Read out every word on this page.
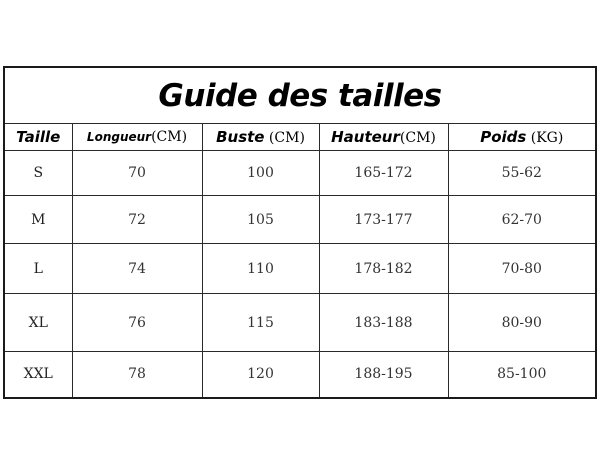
Guide des tailles				
Taille	Longueur(CM)	Buste (CM)	Hauteur(CM)	Poids (KG)
S	70	100	165-172	55-62
M	72	105	173-177	62-70
L	74	110	178-182	70-80
XL	76	115	183-188	80-90
XXL	78	120	188-195	85-100
